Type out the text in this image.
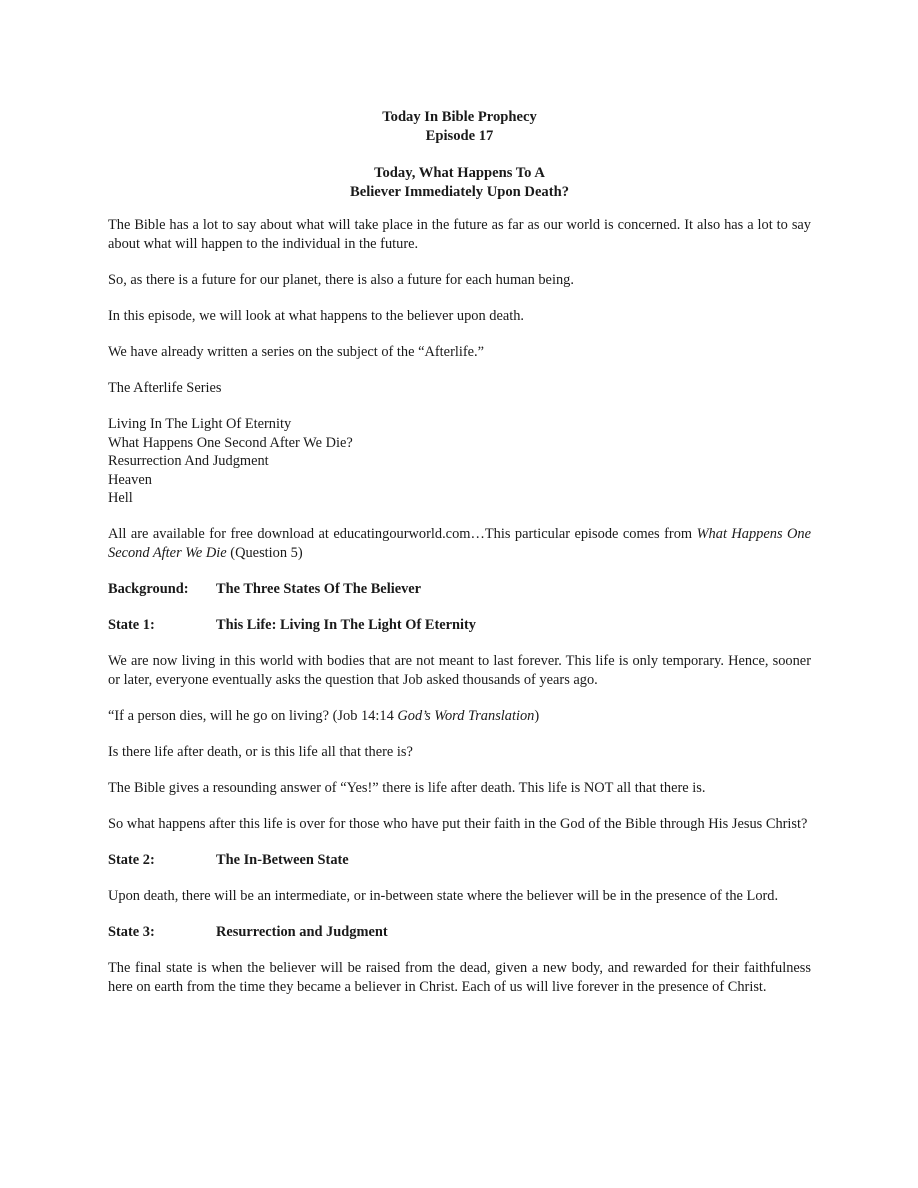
Today In Bible Prophecy
Episode 17
Today, What Happens To A
Believer Immediately Upon Death?

The Bible has a lot to say about what will take place in the future as far as our world is concerned. It also has a lot to say about what will happen to the individual in the future.

So, as there is a future for our planet, there is also a future for each human being.

In this episode, we will look at what happens to the believer upon death.

We have already written a series on the subject of the “Afterlife.”

The Afterlife Series

Living In The Light Of Eternity
What Happens One Second After We Die?
Resurrection And Judgment
Heaven
Hell

All are available for free download at educatingourworld.com…This particular episode comes from What Happens One Second After We Die (Question 5)

Background:	The Three States Of The Believer
State 1:	This Life: Living In The Light Of Eternity

We are now living in this world with bodies that are not meant to last forever. This life is only temporary. Hence, sooner or later, everyone eventually asks the question that Job asked thousands of years ago.

“If a person dies, will he go on living? (Job 14:14 God’s Word Translation)

Is there life after death, or is this life all that there is?

The Bible gives a resounding answer of “Yes!” there is life after death. This life is NOT all that there is.

So what happens after this life is over for those who have put their faith in the God of the Bible through His Jesus Christ?

State 2:	The In-Between State

Upon death, there will be an intermediate, or in-between state where the believer will be in the presence of the Lord.

State 3:	Resurrection and Judgment

The final state is when the believer will be raised from the dead, given a new body, and rewarded for their faithfulness here on earth from the time they became a believer in Christ. Each of us will live forever in the presence of Christ.
